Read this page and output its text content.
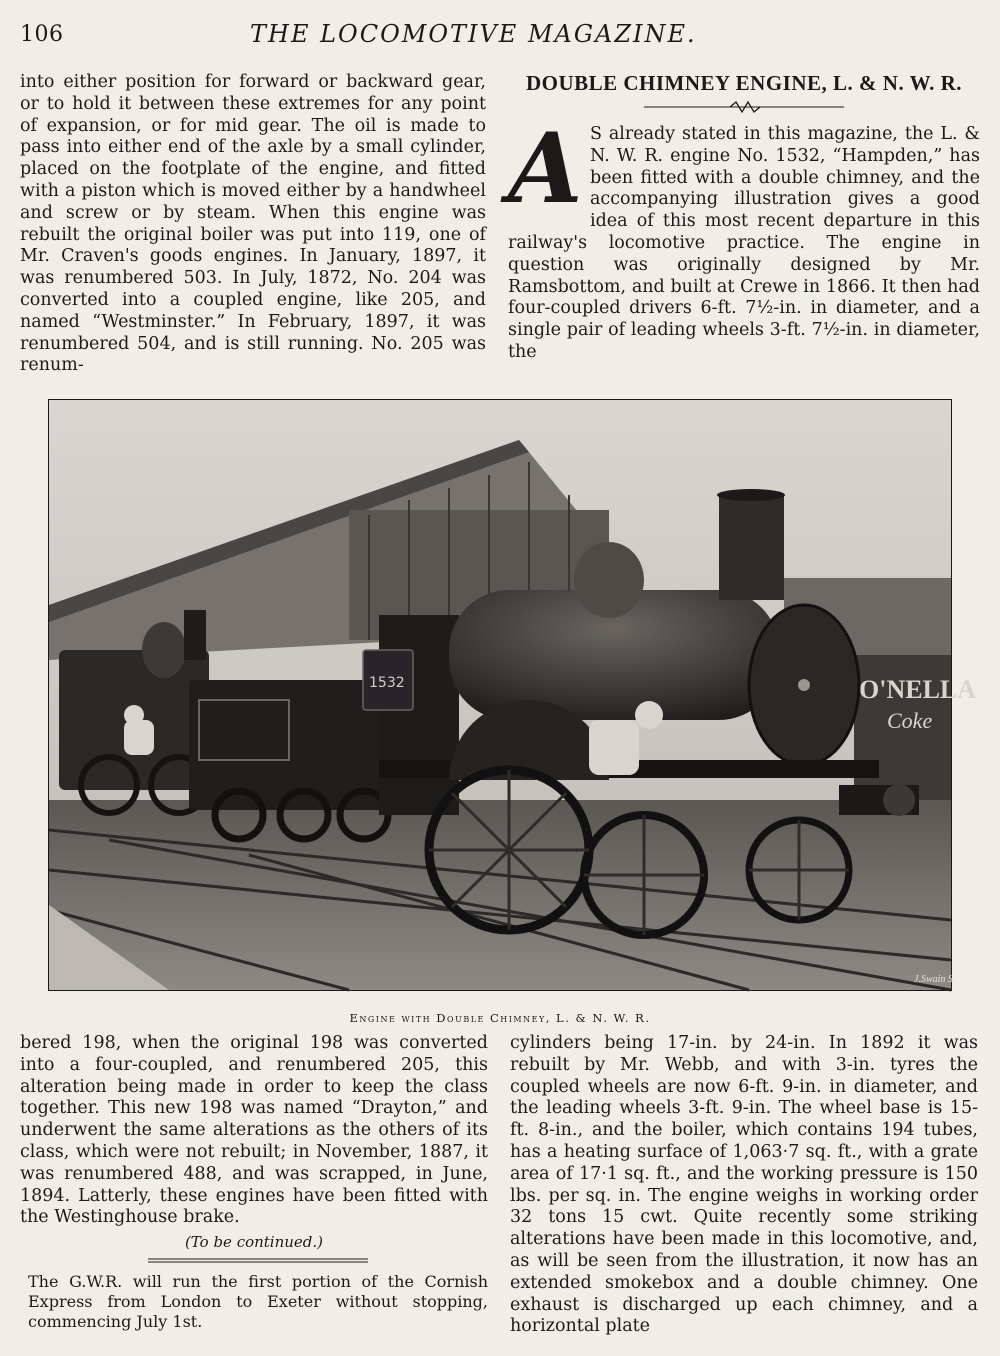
106	THE LOCOMOTIVE MAGAZINE.

into either position for forward or backward gear, or to hold it between these extremes for any point of expansion, or for mid gear. The oil is made to pass into either end of the axle by a small cylinder, placed on the footplate of the engine, and fitted with a piston which is moved either by a handwheel and screw or by steam. When this engine was rebuilt the original boiler was put into 119, one of Mr. Craven's goods engines. In January, 1897, it was renumbered 503. In July, 1872, No. 204 was converted into a coupled engine, like 205, and named “Westminster.” In February, 1897, it was renumbered 504, and is still running. No. 205 was renum-

DOUBLE CHIMNEY ENGINE, L. & N. W. R.
A S already stated in this magazine, the L. & N. W. R. engine No. 1532, “Hampden,” has been fitted with a double chimney, and the accompanying illustration gives a good idea of this most recent departure in this railway's locomotive practice. The engine in question was originally designed by Mr. Ramsbottom, and built at Crewe in 1866. It then had four-coupled drivers 6-ft. 7½-in. in diameter, and a single pair of leading wheels 3-ft. 7½-in. in diameter, the

O'NELLA
Coke
1532
J.Swain Sc
Engine with Double Chimney, L. & N. W. R.

bered 198, when the original 198 was converted into a four-coupled, and renumbered 205, this alteration being made in order to keep the class together. This new 198 was named “Drayton,” and underwent the same alterations as the others of its class, which were not rebuilt; in November, 1887, it was renumbered 488, and was scrapped, in June, 1894. Latterly, these engines have been fitted with the Westinghouse brake.

(To be continued.)
The G.W.R. will run the first portion of the Cornish Express from London to Exeter without stopping, commencing July 1st.

cylinders being 17-in. by 24-in. In 1892 it was rebuilt by Mr. Webb, and with 3-in. tyres the coupled wheels are now 6-ft. 9-in. in diameter, and the leading wheels 3-ft. 9-in. The wheel base is 15-ft. 8-in., and the boiler, which contains 194 tubes, has a heating surface of 1,063·7 sq. ft., with a grate area of 17·1 sq. ft., and the working pressure is 150 lbs. per sq. in. The engine weighs in working order 32 tons 15 cwt. Quite recently some striking alterations have been made in this locomotive, and, as will be seen from the illustration, it now has an extended smokebox and a double chimney. One exhaust is discharged up each chimney, and a horizontal plate
